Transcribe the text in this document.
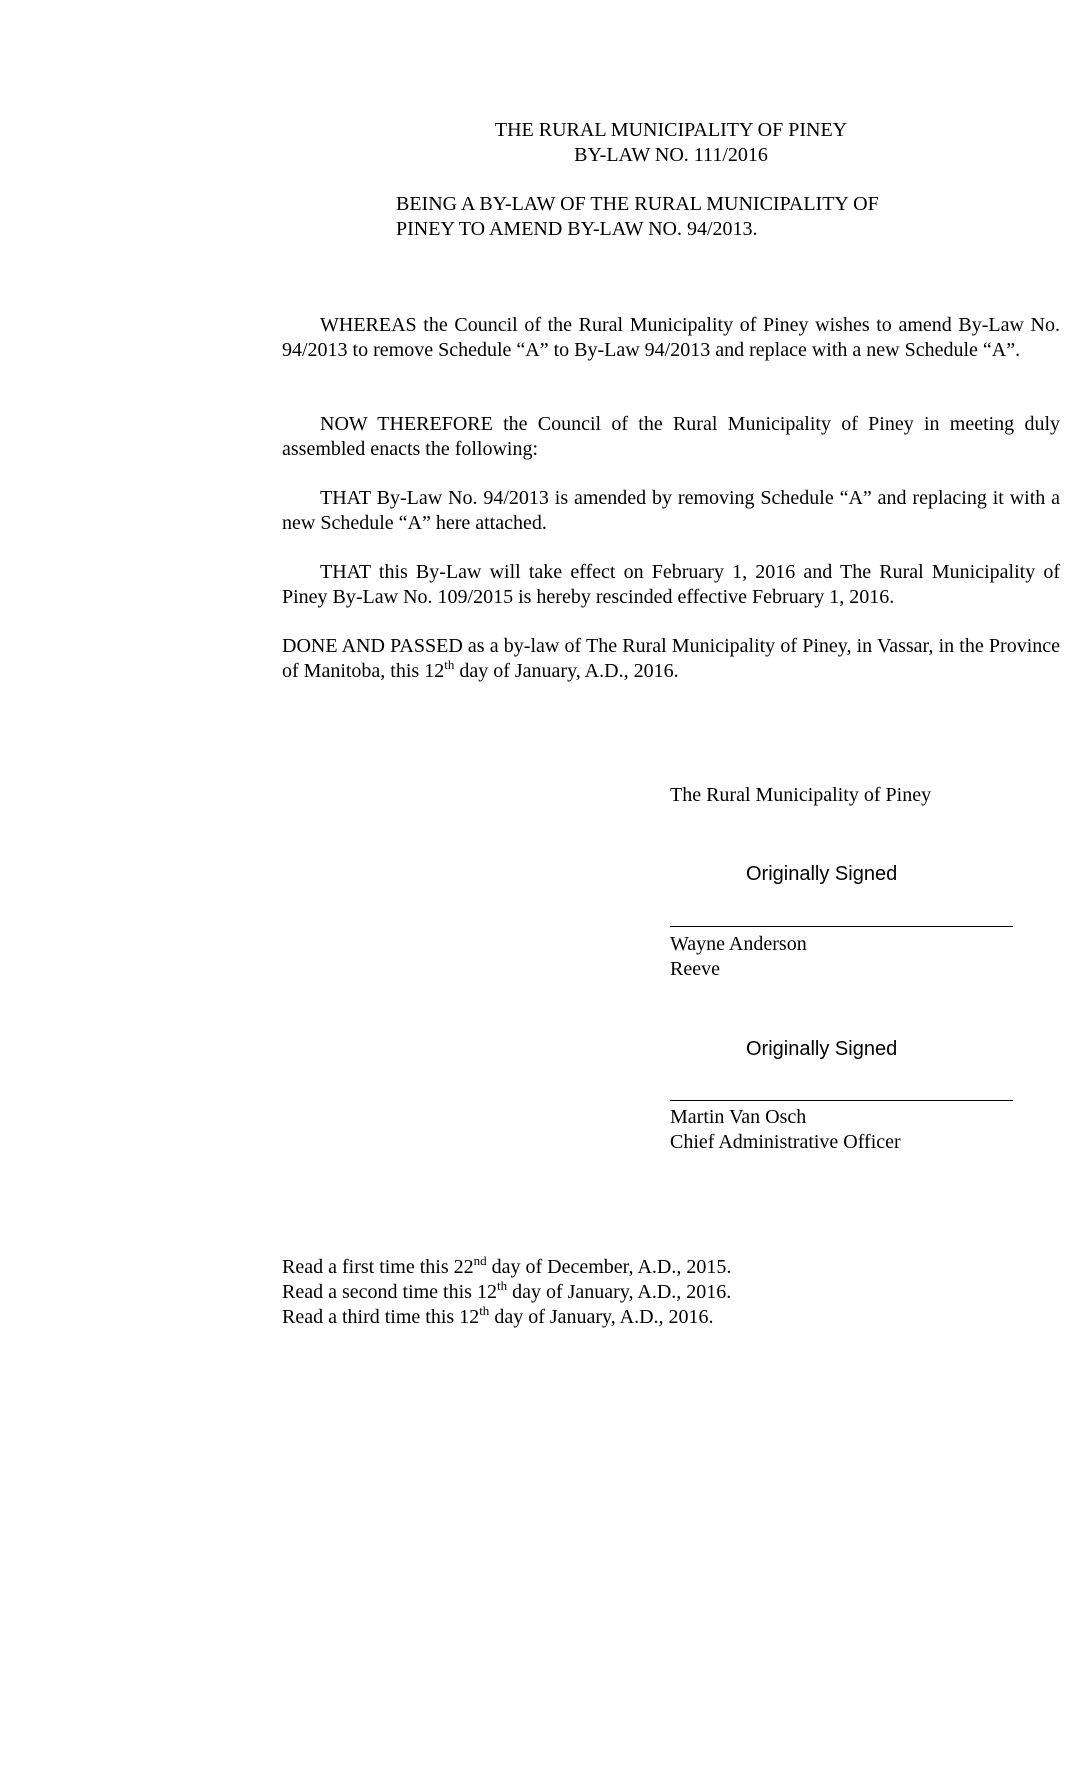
THE RURAL MUNICIPALITY OF PINEY
BY-LAW NO. 111/2016
BEING A BY-LAW OF THE RURAL MUNICIPALITY OF
PINEY TO AMEND BY-LAW NO. 94/2013.
WHEREAS the Council of the Rural Municipality of Piney wishes to amend By-Law No. 94/2013 to remove Schedule “A” to By-Law 94/2013 and replace with a new Schedule “A”.
NOW THEREFORE the Council of the Rural Municipality of Piney in meeting duly assembled enacts the following:
THAT By-Law No. 94/2013 is amended by removing Schedule “A” and replacing it with a new Schedule “A” here attached.
THAT this By-Law will take effect on February 1, 2016 and The Rural Municipality of Piney By-Law No. 109/2015 is hereby rescinded effective February 1, 2016.
DONE AND PASSED as a by-law of The Rural Municipality of Piney, in Vassar, in the Province of Manitoba, this 12th day of January, A.D., 2016.
The Rural Municipality of Piney
Originally Signed
Wayne Anderson
Reeve
Originally Signed
Martin Van Osch
Chief Administrative Officer
Read a first time this 22nd day of December, A.D., 2015.
Read a second time this 12th day of January, A.D., 2016.
Read a third time this 12th day of January, A.D., 2016.
